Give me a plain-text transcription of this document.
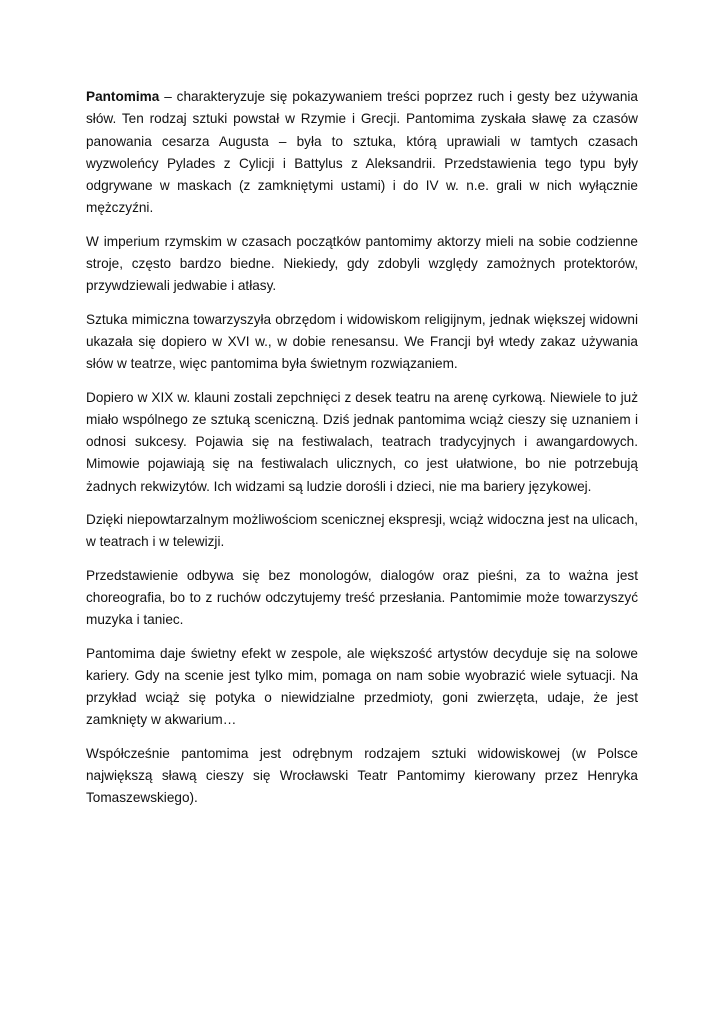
Pantomima – charakteryzuje się pokazywaniem treści poprzez ruch i gesty bez używania słów. Ten rodzaj sztuki powstał w Rzymie i Grecji. Pantomima zyskała sławę za czasów panowania cesarza Augusta – była to sztuka, którą uprawiali w tamtych czasach wyzwoleńcy Pylades z Cylicji i Battylus z Aleksandrii. Przedstawienia tego typu były odgrywane w maskach (z zamkniętymi ustami) i do IV w. n.e. grali w nich wyłącznie mężczyźni.

W imperium rzymskim w czasach początków pantomimy aktorzy mieli na sobie codzienne stroje, często bardzo biedne. Niekiedy, gdy zdobyli względy zamożnych protektorów, przywdziewali jedwabie i atłasy.

Sztuka mimiczna towarzyszyła obrzędom i widowiskom religijnym, jednak większej widowni ukazała się dopiero w XVI w., w dobie renesansu. We Francji był wtedy zakaz używania słów w teatrze, więc pantomima była świetnym rozwiązaniem.

Dopiero w XIX w. klauni zostali zepchnięci z desek teatru na arenę cyrkową. Niewiele to już miało wspólnego ze sztuką sceniczną. Dziś jednak pantomima wciąż cieszy się uznaniem i odnosi sukcesy. Pojawia się na festiwalach, teatrach tradycyjnych i awangardowych. Mimowie pojawiają się na festiwalach ulicznych, co jest ułatwione, bo nie potrzebują żadnych rekwizytów. Ich widzami są ludzie dorośli i dzieci, nie ma bariery językowej.

Dzięki niepowtarzalnym możliwościom scenicznej ekspresji, wciąż widoczna jest na ulicach, w teatrach i w telewizji.

Przedstawienie odbywa się bez monologów, dialogów oraz pieśni, za to ważna jest choreografia, bo to z ruchów odczytujemy treść przesłania. Pantomimie może towarzyszyć muzyka i taniec.

Pantomima daje świetny efekt w zespole, ale większość artystów decyduje się na solowe kariery. Gdy na scenie jest tylko mim, pomaga on nam sobie wyobrazić wiele sytuacji. Na przykład wciąż się potyka o niewidzialne przedmioty, goni zwierzęta, udaje, że jest zamknięty w akwarium…

Współcześnie pantomima jest odrębnym rodzajem sztuki widowiskowej (w Polsce największą sławą cieszy się Wrocławski Teatr Pantomimy kierowany przez Henryka Tomaszewskiego).
